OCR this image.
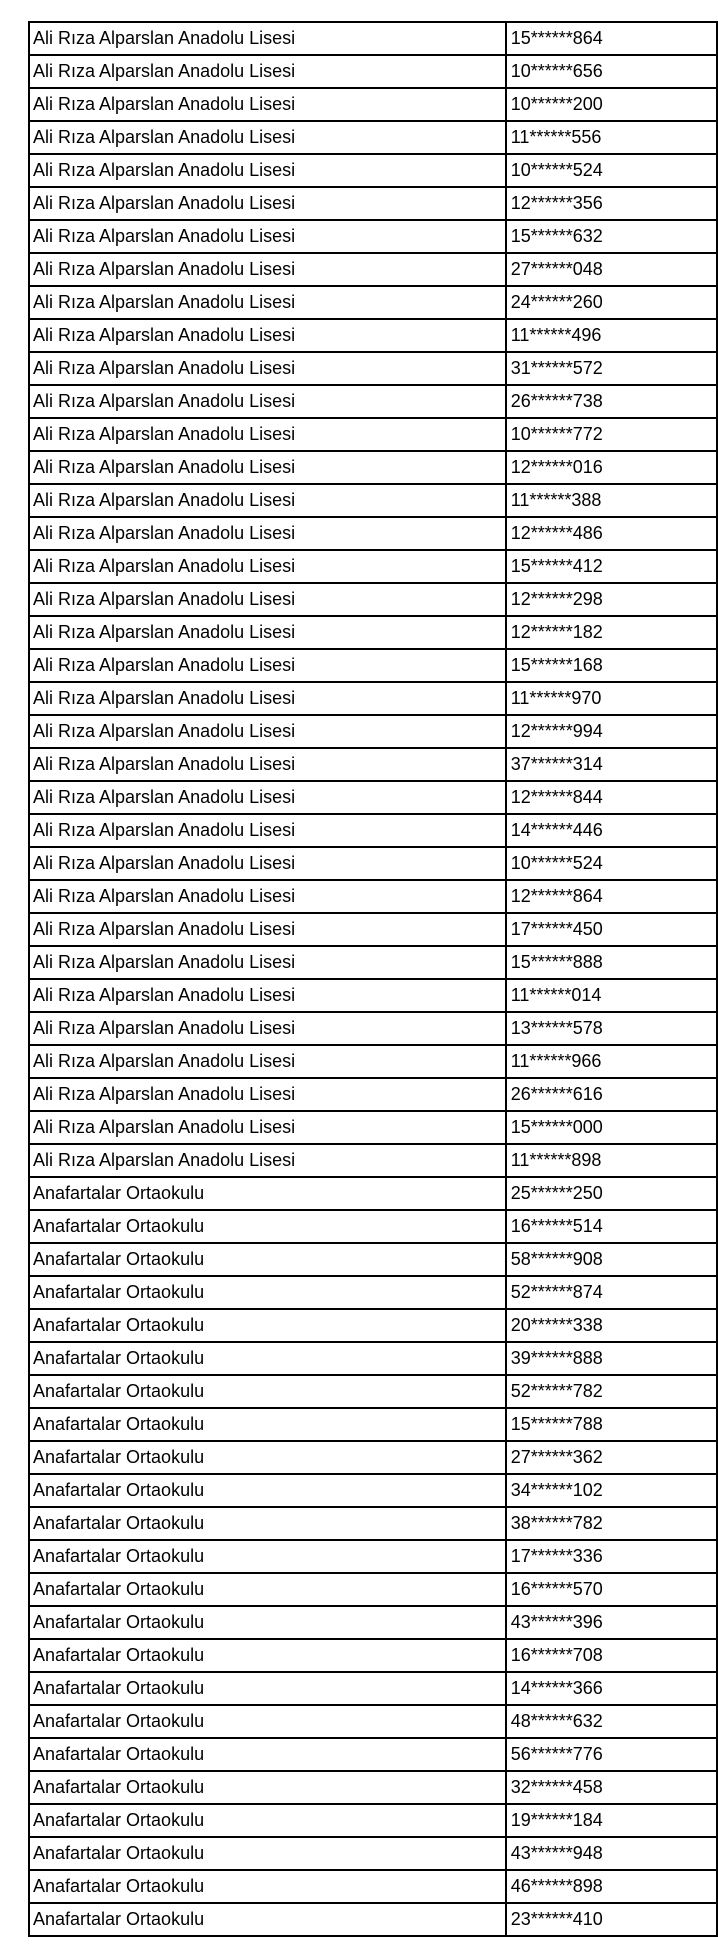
Ali Rıza Alparslan Anadolu Lisesi	15******864
Ali Rıza Alparslan Anadolu Lisesi	10******656
Ali Rıza Alparslan Anadolu Lisesi	10******200
Ali Rıza Alparslan Anadolu Lisesi	11******556
Ali Rıza Alparslan Anadolu Lisesi	10******524
Ali Rıza Alparslan Anadolu Lisesi	12******356
Ali Rıza Alparslan Anadolu Lisesi	15******632
Ali Rıza Alparslan Anadolu Lisesi	27******048
Ali Rıza Alparslan Anadolu Lisesi	24******260
Ali Rıza Alparslan Anadolu Lisesi	11******496
Ali Rıza Alparslan Anadolu Lisesi	31******572
Ali Rıza Alparslan Anadolu Lisesi	26******738
Ali Rıza Alparslan Anadolu Lisesi	10******772
Ali Rıza Alparslan Anadolu Lisesi	12******016
Ali Rıza Alparslan Anadolu Lisesi	11******388
Ali Rıza Alparslan Anadolu Lisesi	12******486
Ali Rıza Alparslan Anadolu Lisesi	15******412
Ali Rıza Alparslan Anadolu Lisesi	12******298
Ali Rıza Alparslan Anadolu Lisesi	12******182
Ali Rıza Alparslan Anadolu Lisesi	15******168
Ali Rıza Alparslan Anadolu Lisesi	11******970
Ali Rıza Alparslan Anadolu Lisesi	12******994
Ali Rıza Alparslan Anadolu Lisesi	37******314
Ali Rıza Alparslan Anadolu Lisesi	12******844
Ali Rıza Alparslan Anadolu Lisesi	14******446
Ali Rıza Alparslan Anadolu Lisesi	10******524
Ali Rıza Alparslan Anadolu Lisesi	12******864
Ali Rıza Alparslan Anadolu Lisesi	17******450
Ali Rıza Alparslan Anadolu Lisesi	15******888
Ali Rıza Alparslan Anadolu Lisesi	11******014
Ali Rıza Alparslan Anadolu Lisesi	13******578
Ali Rıza Alparslan Anadolu Lisesi	11******966
Ali Rıza Alparslan Anadolu Lisesi	26******616
Ali Rıza Alparslan Anadolu Lisesi	15******000
Ali Rıza Alparslan Anadolu Lisesi	11******898
Anafartalar Ortaokulu	25******250
Anafartalar Ortaokulu	16******514
Anafartalar Ortaokulu	58******908
Anafartalar Ortaokulu	52******874
Anafartalar Ortaokulu	20******338
Anafartalar Ortaokulu	39******888
Anafartalar Ortaokulu	52******782
Anafartalar Ortaokulu	15******788
Anafartalar Ortaokulu	27******362
Anafartalar Ortaokulu	34******102
Anafartalar Ortaokulu	38******782
Anafartalar Ortaokulu	17******336
Anafartalar Ortaokulu	16******570
Anafartalar Ortaokulu	43******396
Anafartalar Ortaokulu	16******708
Anafartalar Ortaokulu	14******366
Anafartalar Ortaokulu	48******632
Anafartalar Ortaokulu	56******776
Anafartalar Ortaokulu	32******458
Anafartalar Ortaokulu	19******184
Anafartalar Ortaokulu	43******948
Anafartalar Ortaokulu	46******898
Anafartalar Ortaokulu	23******410
